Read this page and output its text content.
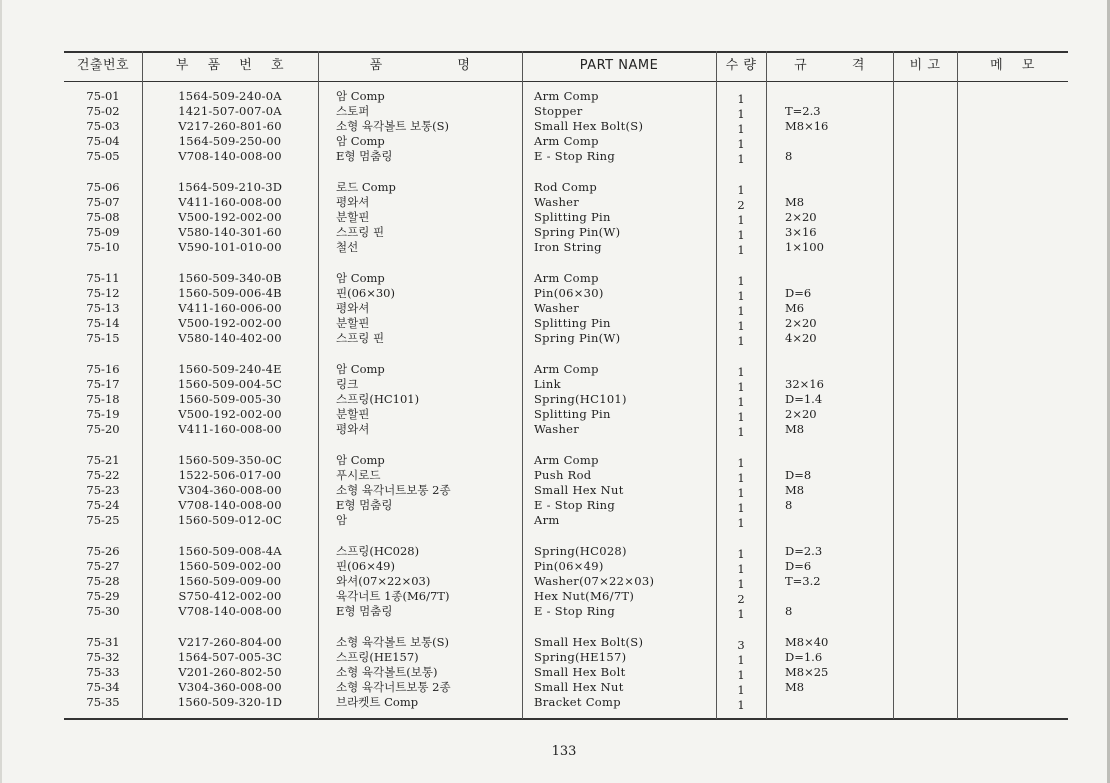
건출번호	부 품 번 호	품 명	PART NAME	수 량	규 격	비 고	메 모
75-01	1564-509-240-0A	암 Comp	Arm Comp	1
75-02	1421-507-007-0A	스토퍼	Stopper	1	T=2.3
75-03	V217-260-801-60	소형 육각볼트 보통(S)	Small Hex Bolt(S)	1	M8×16
75-04	1564-509-250-00	암 Comp	Arm Comp	1
75-05	V708-140-008-00	E형 멈춤링	E - Stop Ring	1	8
75-06	1564-509-210-3D	로드 Comp	Rod Comp	1
75-07	V411-160-008-00	평와셔	Washer	2	M8
75-08	V500-192-002-00	분할핀	Splitting Pin	1	2×20
75-09	V580-140-301-60	스프링 핀	Spring Pin(W)	1	3×16
75-10	V590-101-010-00	철선	Iron String	1	1×100
75-11	1560-509-340-0B	암 Comp	Arm Comp	1
75-12	1560-509-006-4B	핀(06×30)	Pin(06×30)	1	D=6
75-13	V411-160-006-00	평와셔	Washer	1	M6
75-14	V500-192-002-00	분할핀	Splitting Pin	1	2×20
75-15	V580-140-402-00	스프링 핀	Spring Pin(W)	1	4×20
75-16	1560-509-240-4E	암 Comp	Arm Comp	1
75-17	1560-509-004-5C	링크	Link	1	32×16
75-18	1560-509-005-30	스프링(HC101)	Spring(HC101)	1	D=1.4
75-19	V500-192-002-00	분할핀	Splitting Pin	1	2×20
75-20	V411-160-008-00	평와셔	Washer	1	M8
75-21	1560-509-350-0C	암 Comp	Arm Comp	1
75-22	1522-506-017-00	푸시로드	Push Rod	1	D=8
75-23	V304-360-008-00	소형 육각너트보통 2종	Small Hex Nut	1	M8
75-24	V708-140-008-00	E형 멈춤링	E - Stop Ring	1	8
75-25	1560-509-012-0C	암	Arm	1
75-26	1560-509-008-4A	스프링(HC028)	Spring(HC028)	1	D=2.3
75-27	1560-509-002-00	핀(06×49)	Pin(06×49)	1	D=6
75-28	1560-509-009-00	와셔(07×22×03)	Washer(07×22×03)	1	T=3.2
75-29	S750-412-002-00	육각너트 1종(M6/7T)	Hex Nut(M6/7T)	2
75-30	V708-140-008-00	E형 멈춤링	E - Stop Ring	1	8
75-31	V217-260-804-00	소형 육각볼트 보통(S)	Small Hex Bolt(S)	3	M8×40
75-32	1564-507-005-3C	스프링(HE157)	Spring(HE157)	1	D=1.6
75-33	V201-260-802-50	소형 육각볼트(보통)	Small Hex Bolt	1	M8×25
75-34	V304-360-008-00	소형 육각너트보통 2종	Small Hex Nut	1	M8
75-35	1560-509-320-1D	브라켓트 Comp	Bracket Comp	1
133
